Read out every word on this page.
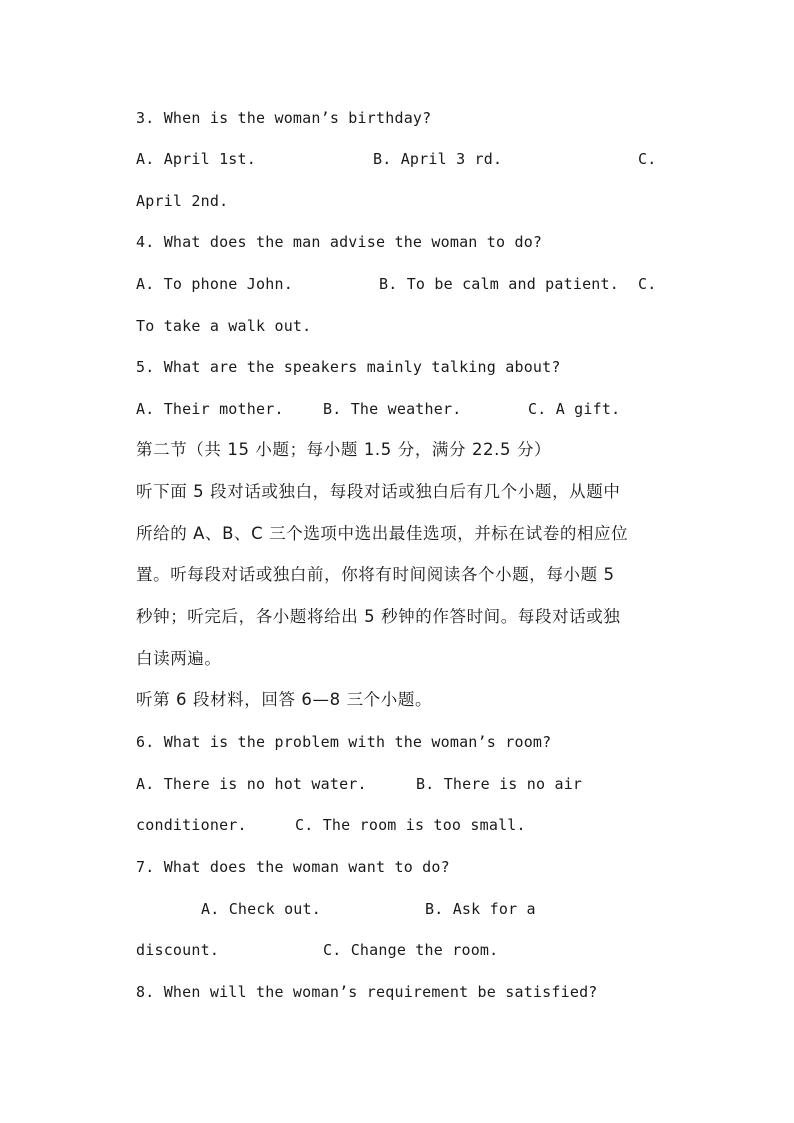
3. When is the woman’s birthday?
A. April 1st.	B. April 3 rd.	C.
April 2nd.
4. What does the man advise the woman to do?
A. To phone John.	B. To be calm and patient. C.
To take a walk out.
5. What are the speakers mainly talking about?
A. Their mother.	B. The weather.	C. A gift.
第二节（共 15 小题；每小题 1.5 分，满分 22.5 分）
听下面 5 段对话或独白，每段对话或独白后有几个小题，从题中
所给的 A、B、C 三个选项中选出最佳选项，并标在试卷的相应位
置。听每段对话或独白前，你将有时间阅读各个小题，每小题 5
秒钟；听完后，各小题将给出 5 秒钟的作答时间。每段对话或独
白读两遍。
听第 6 段材料，回答 6—8 三个小题。
6. What is the problem with the woman’s room?
A. There is no hot water.	B. There is no air
conditioner.	C. The room is too small.
7. What does the woman want to do?
A. Check out.	B. Ask for a
discount.	C. Change the room.
8. When will the woman’s requirement be satisfied?
